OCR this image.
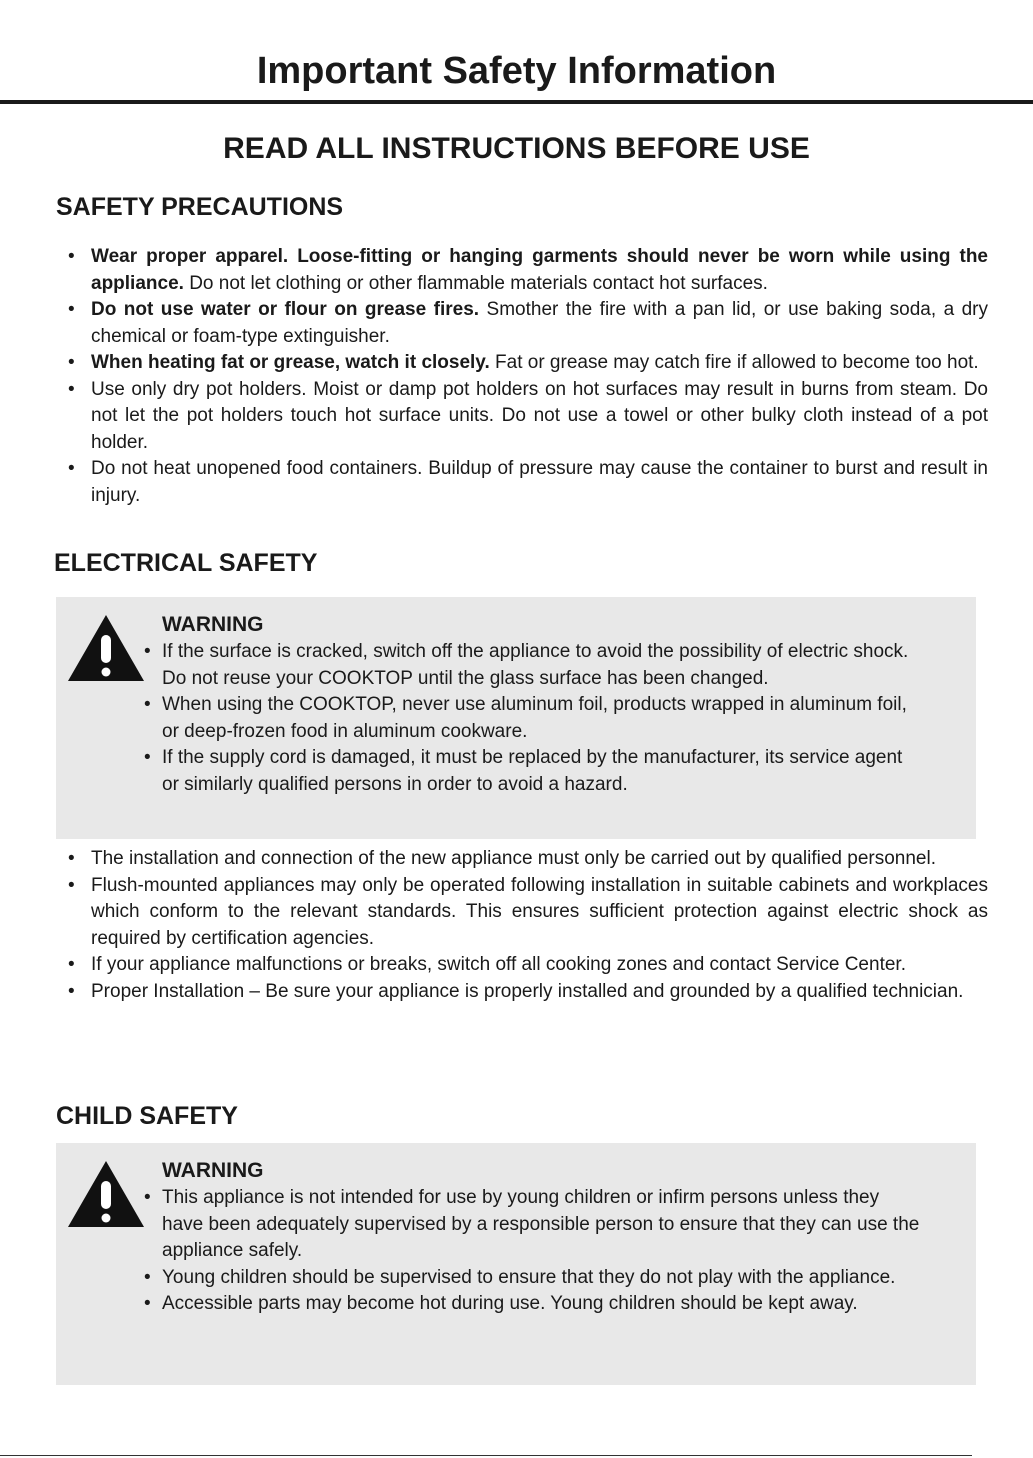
Important Safety Information
READ ALL INSTRUCTIONS BEFORE USE
SAFETY PRECAUTIONS
• Wear proper apparel. Loose-fitting or hanging garments should never be worn while using the appliance. Do not let clothing or other flammable materials contact hot surfaces.
• Do not use water or flour on grease fires. Smother the fire with a pan lid, or use baking soda, a dry chemical or foam-type extinguisher.
• When heating fat or grease, watch it closely. Fat or grease may catch fire if allowed to become too hot.
• Use only dry pot holders. Moist or damp pot holders on hot surfaces may result in burns from steam. Do not let the pot holders touch hot surface units. Do not use a towel or other bulky cloth instead of a pot holder.
• Do not heat unopened food containers. Buildup of pressure may cause the container to burst and result in injury.
ELECTRICAL SAFETY
WARNING
• If the surface is cracked, switch off the appliance to avoid the possibility of electric shock. Do not reuse your COOKTOP until the glass surface has been changed.
• When using the COOKTOP, never use aluminum foil, products wrapped in aluminum foil, or deep-frozen food in aluminum cookware.
• If the supply cord is damaged, it must be replaced by the manufacturer, its service agent or similarly qualified persons in order to avoid a hazard.
• The installation and connection of the new appliance must only be carried out by qualified personnel.
• Flush-mounted appliances may only be operated following installation in suitable cabinets and workplaces which conform to the relevant standards. This ensures sufficient protection against electric shock as required by certification agencies.
• If your appliance malfunctions or breaks, switch off all cooking zones and contact Service Center.
• Proper Installation – Be sure your appliance is properly installed and grounded by a qualified technician.
CHILD SAFETY
WARNING
• This appliance is not intended for use by young children or infirm persons unless they have been adequately supervised by a responsible person to ensure that they can use the appliance safely.
• Young children should be supervised to ensure that they do not play with the appliance.
• Accessible parts may become hot during use. Young children should be kept away.
